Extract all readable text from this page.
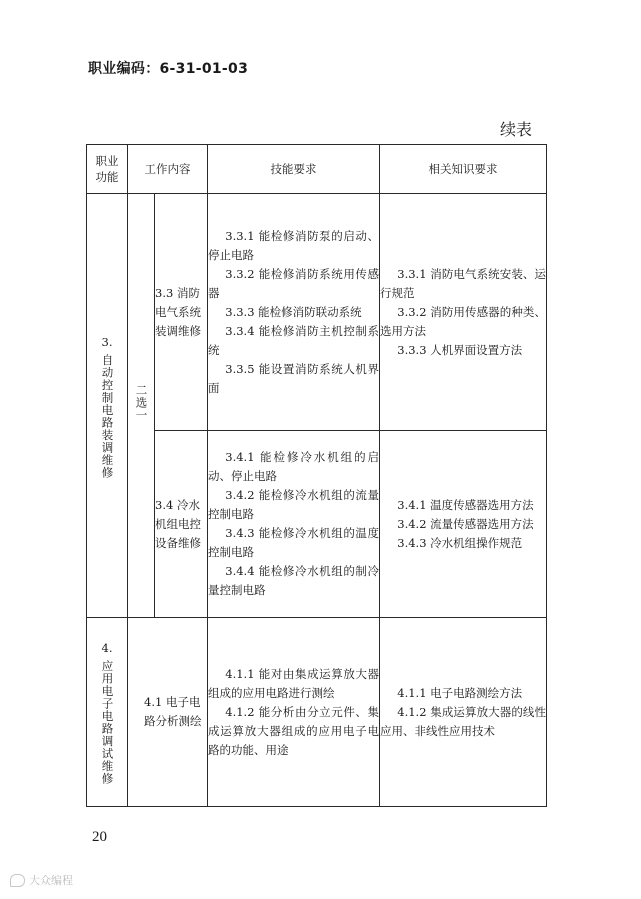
职业编码：6-31-01-03
续表
职业功能	工作内容		技能要求	相关知识要求

3.
自动控制电路装调维修	二选一	3.3 消防电气系统装调维修	3.3.1 能检修消防泵的启动、停止电路
3.3.2 能检修消防系统用传感器
3.3.3 能检修消防联动系统
3.3.4 能检修消防主机控制系统
3.3.5 能设置消防系统人机界面	3.3.1 消防电气系统安装、运行规范
3.3.2 消防用传感器的种类、选用方法
3.3.3 人机界面设置方法

		3.4 冷水机组电控设备维修	3.4.1 能检修冷水机组的启动、停止电路
3.4.2 能检修冷水机组的流量控制电路
3.4.3 能检修冷水机组的温度控制电路
3.4.4 能检修冷水机组的制冷量控制电路	3.4.1 温度传感器选用方法
3.4.2 流量传感器选用方法
3.4.3 冷水机组操作规范

4.
应用电子电路调试维修	4.1 电子电路分析测绘		4.1.1 能对由集成运算放大器组成的应用电路进行测绘
4.1.2 能分析由分立元件、集成运算放大器组成的应用电子电路的功能、用途	4.1.1 电子电路测绘方法
4.1.2 集成运算放大器的线性应用、非线性应用技术
20
大众编程
